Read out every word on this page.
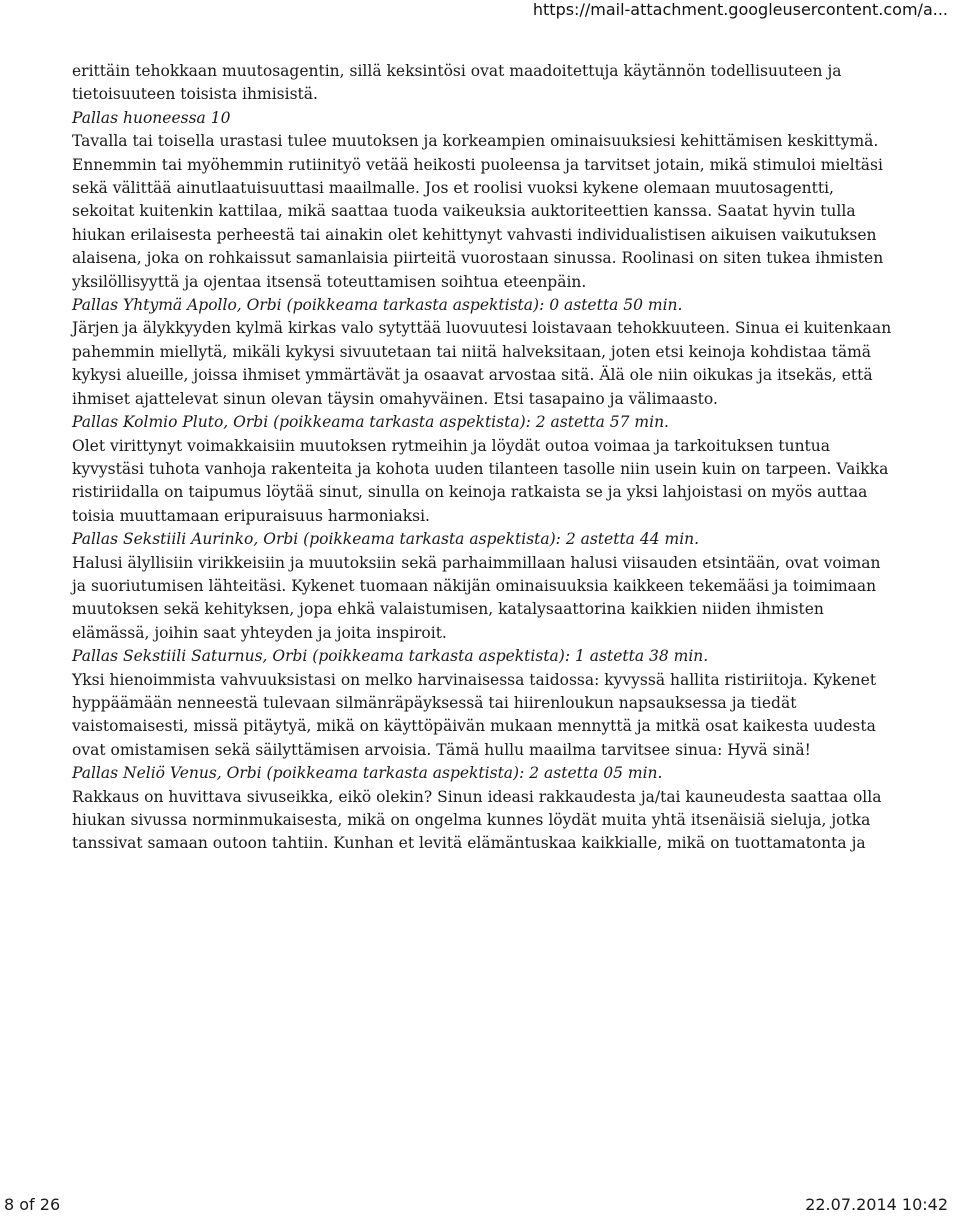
https://mail-attachment.googleusercontent.com/a...

erittäin tehokkaan muutosagentin, sillä keksintösi ovat maadoitettuja käytännön todellisuuteen ja tietoisuuteen toisista ihmisistä.

Pallas huoneessa 10

Tavalla tai toisella urastasi tulee muutoksen ja korkeampien ominaisuuksiesi kehittämisen keskittymä. Ennemmin tai myöhemmin rutiinityö vetää heikosti puoleensa ja tarvitset jotain, mikä stimuloi mieltäsi sekä välittää ainutlaatuisuuttasi maailmalle. Jos et roolisi vuoksi kykene olemaan muutosagentti, sekoitat kuitenkin kattilaa, mikä saattaa tuoda vaikeuksia auktoriteettien kanssa. Saatat hyvin tulla hiukan erilaisesta perheestä tai ainakin olet kehittynyt vahvasti individualistisen aikuisen vaikutuksen alaisena, joka on rohkaissut samanlaisia piirteitä vuorostaan sinussa. Roolinasi on siten tukea ihmisten yksilöllisyyttä ja ojentaa itsensä toteuttamisen soihtua eteenpäin.

Pallas Yhtymä Apollo, Orbi (poikkeama tarkasta aspektista): 0 astetta 50 min.

Järjen ja älykkyyden kylmä kirkas valo sytyttää luovuutesi loistavaan tehokkuuteen. Sinua ei kuitenkaan pahemmin miellytä, mikäli kykysi sivuutetaan tai niitä halveksitaan, joten etsi keinoja kohdistaa tämä kykysi alueille, joissa ihmiset ymmärtävät ja osaavat arvostaa sitä. Älä ole niin oikukas ja itsekäs, että ihmiset ajattelevat sinun olevan täysin omahyväinen. Etsi tasapaino ja välimaasto.

Pallas Kolmio Pluto, Orbi (poikkeama tarkasta aspektista): 2 astetta 57 min.

Olet virittynyt voimakkaisiin muutoksen rytmeihin ja löydät outoa voimaa ja tarkoituksen tuntua kyvystäsi tuhota vanhoja rakenteita ja kohota uuden tilanteen tasolle niin usein kuin on tarpeen. Vaikka ristiriidalla on taipumus löytää sinut, sinulla on keinoja ratkaista se ja yksi lahjoistasi on myös auttaa toisia muuttamaan eripuraisuus harmoniaksi.

Pallas Sekstiili Aurinko, Orbi (poikkeama tarkasta aspektista): 2 astetta 44 min.

Halusi älyllisiin virikkeisiin ja muutoksiin sekä parhaimmillaan halusi viisauden etsintään, ovat voiman ja suoriutumisen lähteitäsi. Kykenet tuomaan näkijän ominaisuuksia kaikkeen tekemääsi ja toimimaan muutoksen sekä kehityksen, jopa ehkä valaistumisen, katalysaattorina kaikkien niiden ihmisten elämässä, joihin saat yhteyden ja joita inspiroit.

Pallas Sekstiili Saturnus, Orbi (poikkeama tarkasta aspektista): 1 astetta 38 min.

Yksi hienoimmista vahvuuksistasi on melko harvinaisessa taidossa: kyvyssä hallita ristiriitoja. Kykenet hyppäämään nenneestä tulevaan silmänräpäyksessä tai hiirenloukun napsauksessa ja tiedät vaistomaisesti, missä pitäytyä, mikä on käyttöpäivän mukaan mennyttä ja mitkä osat kaikesta uudesta ovat omistamisen sekä säilyttämisen arvoisia. Tämä hullu maailma tarvitsee sinua: Hyvä sinä!

Pallas Neliö Venus, Orbi (poikkeama tarkasta aspektista): 2 astetta 05 min.

Rakkaus on huvittava sivuseikka, eikö olekin? Sinun ideasi rakkaudesta ja/tai kauneudesta saattaa olla hiukan sivussa norminmukaisesta, mikä on ongelma kunnes löydät muita yhtä itsenäisiä sieluja, jotka tanssivat samaan outoon tahtiin. Kunhan et levitä elämäntuskaa kaikkialle, mikä on tuottamatonta ja

8 of 26	22.07.2014 10:42
